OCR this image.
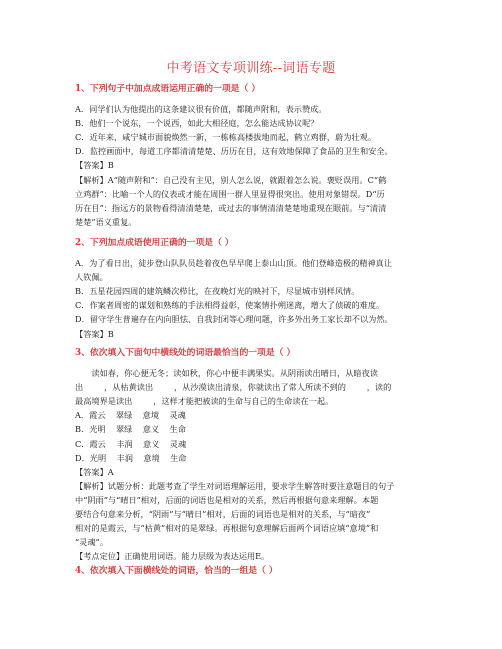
中考语文专项训练--词语专题

1、下列句子中加点成语运用正确的一项是（ ）

A．同学们认为他提出的这条建议很有价值，都随声附和，表示赞成。

B．他们一个说东，一个说西，如此大相径庭，怎么能达成协议呢？

C．近年来，咸宁城市面貌焕然一新，一栋栋高楼拔地而起，鹤立鸡群，蔚为壮观。

D．监控画面中，每道工序都清清楚楚、历历在目，这有效地保障了食品的卫生和安全。

【答案】B

【解析】A“随声附和”：自己没有主见，别人怎么说，就跟着怎么说。褒贬误用。C“鹤

立鸡群”：比喻一个人的仪表或才能在周围一群人里显得很突出。使用对象错误。D“历

历在目”：指远方的景物看得清清楚楚，或过去的事情清清楚楚地重现在眼前。与“清清

楚楚”语义重复。

2、下列加点成语使用正确的一项是（ ）

A．为了看日出，徒步登山队队员趁着夜色早早爬上泰山山顶。他们登峰造极的精神真让

人钦佩。

B．五星花园四周的建筑鳞次栉比，在夜晚灯光的映衬下，尽显城市别样风情。

C．作案者周密的谋划和熟练的手法相得益彰，使案情扑朔迷离，增大了侦破的难度。

D．留守学生普遍存在内向胆怯、自我封闭等心理问题，许多外出务工家长却不以为然。

【答案】B

3、依次填入下面句中横线处的词语最恰当的一项是（ ）

读如春，你心便无冬；读如秋，你心中便丰满果实。从阴雨读出晴日，从暗夜读

出        ，从枯黄读出        ，从沙漠读出清泉，你就读出了常人所读不到的        ，读的

最高境界是读出        ，这样才能把被读的生命与自己的生命读在一起。

A．霞云    翠绿    意境    灵魂

B．光明    翠绿    意义    生命

C．霞云    丰润    意义    灵魂

D．光明    丰润    意境    生命

【答案】A

【解析】试题分析：此题考查了学生对词语理解运用，要求学生解答时要注意题目的句子

中“阴雨”与“晴日”相对，后面的词语也是相对的关系，然后再根据句意来理解。本题

要结合句意来分析，“阴雨”与“晴日”相对，后面的词语也是相对的关系，与“暗夜”

相对的是霞云，与“枯黄”相对的是翠绿。再根据句意理解后面两个词语应填“意境”和

“灵魂”。

【考点定位】正确使用词语。能力层级为表达运用E。

4、依次填入下面横线处的词语，恰当的一组是（ ）
